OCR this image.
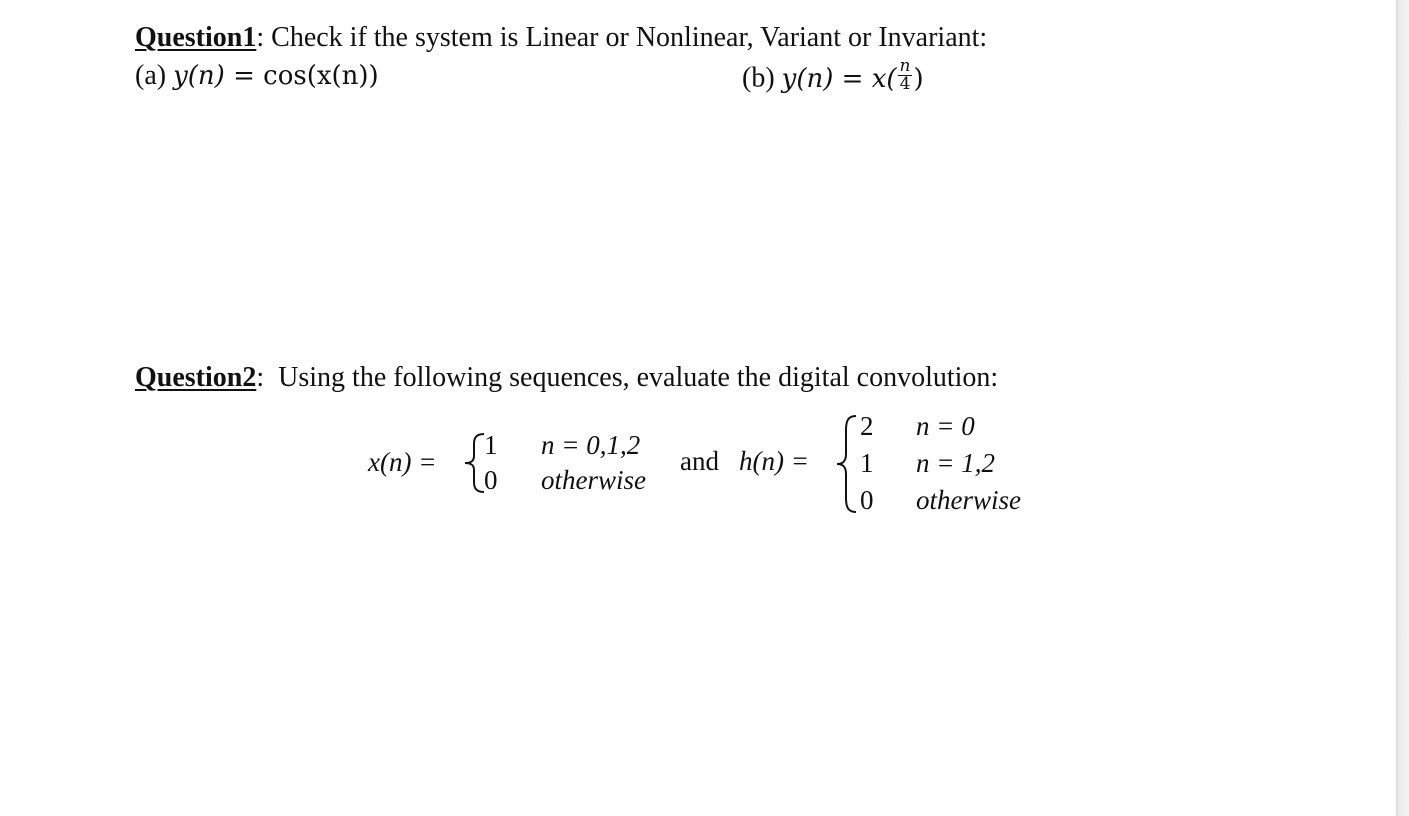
Question1: Check if the system is Linear or Nonlinear, Variant or Invariant:
(a) y(n) = cos(x(n))	(b) $y(n) = x( \frac{n}{4}$ )
Question2:  Using the following sequences, evaluate the digital convolution:
x(n) =
1
0
n = 0,1,2
otherwise
and h(n) =
2
1
0
n = 0
n = 1,2
otherwise
